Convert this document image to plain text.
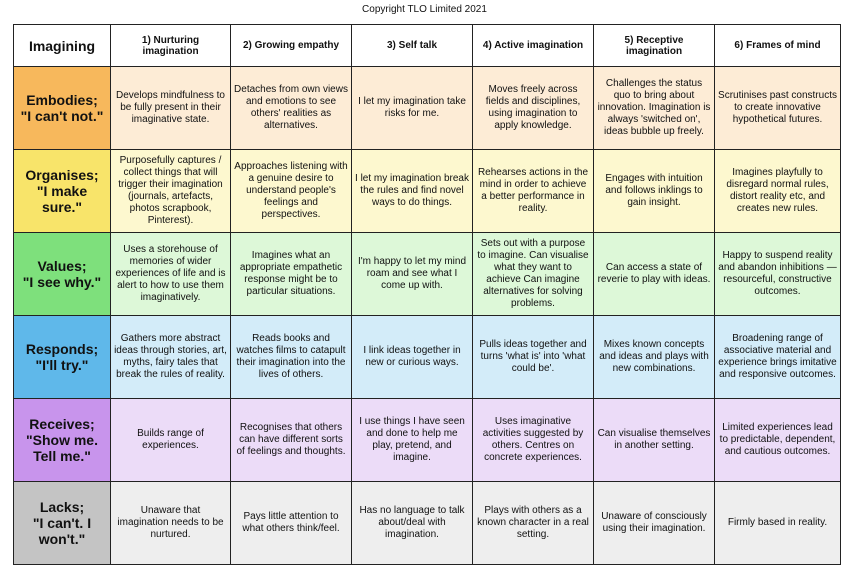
Copyright TLO Limited 2021
Imagining	1) Nurturing imagination	2) Growing empathy	3) Self talk	4) Active imagination	5) Receptive imagination	6) Frames of mind
Embodies;
"I can't not."	Develops mindfulness to be fully present in their imaginative state.	Detaches from own views and emotions to see others' realities as alternatives.	I let my imagination take risks for me.	Moves freely across fields and disciplines, using imagination to apply knowledge.	Challenges the status quo to bring about innovation. Imagination is always 'switched on', ideas bubble up freely.	Scrutinises past constructs to create innovative hypothetical futures.
Organises;
"I make sure."	Purposefully captures / collect things that will trigger their imagination (journals, artefacts, photos scrapbook, Pinterest).	Approaches listening with a genuine desire to understand people's feelings and perspectives.	I let my imagination break the rules and find novel ways to do things.	Rehearses actions in the mind in order to achieve a better performance in reality.	Engages with intuition and follows inklings to gain insight.	Imagines playfully to disregard normal rules, distort reality etc, and creates new rules.
Values;
"I see why."	Uses a storehouse of memories of wider experiences of life and is alert to how to use them imaginatively.	Imagines what an appropriate empathetic response might be to particular situations.	I'm happy to let my mind roam and see what I come up with.	Sets out with a purpose to imagine. Can visualise what they want to achieve Can imagine alternatives for solving problems.	Can access a state of reverie to play with ideas.	Happy to suspend reality and abandon inhibitions — resourceful, constructive outcomes.
Responds;
"I'll try."	Gathers more abstract ideas through stories, art, myths, fairy tales that break the rules of reality.	Reads books and watches films to catapult their imagination into the lives of others.	I link ideas together in new or curious ways.	Pulls ideas together and turns 'what is' into 'what could be'.	Mixes known concepts and ideas and plays with new combinations.	Broadening range of associative material and experience brings imitative and responsive outcomes.
Receives;
"Show me. Tell me."	Builds range of experiences.	Recognises that others can have different sorts of feelings and thoughts.	I use things I have seen and done to help me play, pretend, and imagine.	Uses imaginative activities suggested by others. Centres on concrete experiences.	Can visualise themselves in another setting.	Limited experiences lead to predictable, dependent, and cautious outcomes.
Lacks;
"I can't. I won't."	Unaware that imagination needs to be nurtured.	Pays little attention to what others think/feel.	Has no language to talk about/deal with imagination.	Plays with others as a known character in a real setting.	Unaware of consciously using their imagination.	Firmly based in reality.
